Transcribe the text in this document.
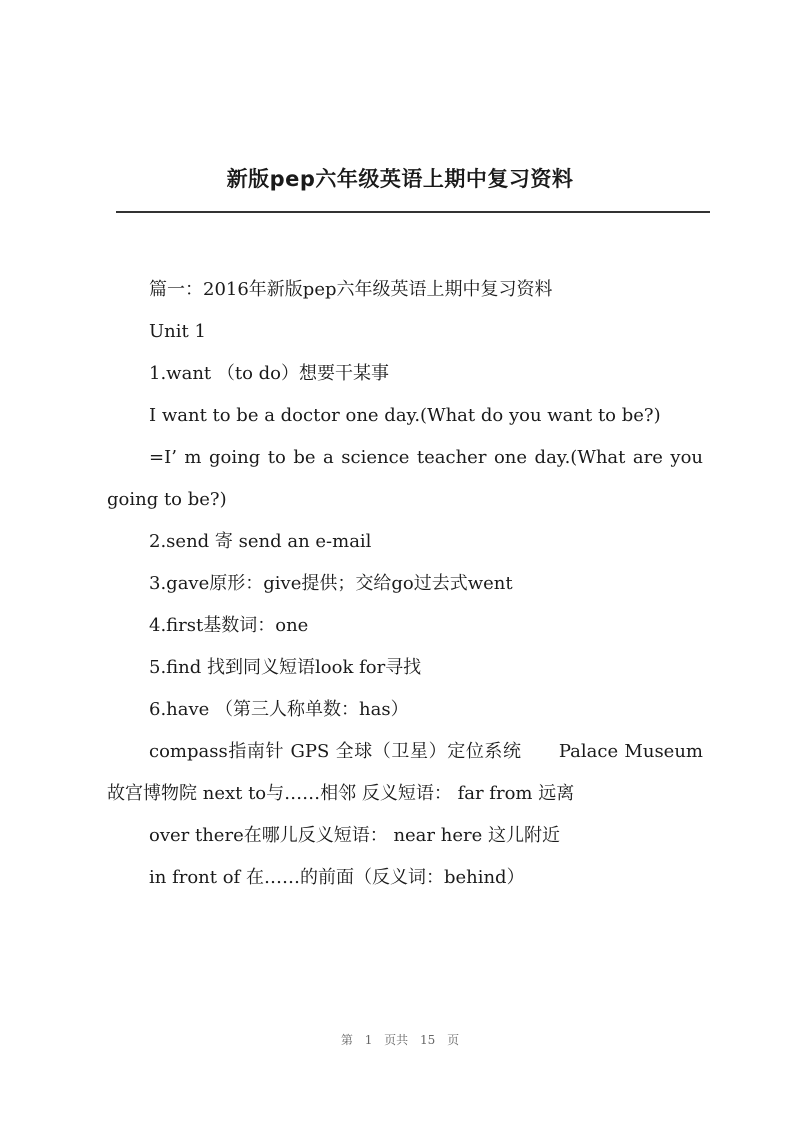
新版pep六年级英语上期中复习资料

篇一：2016年新版pep六年级英语上期中复习资料

Unit 1

1.want （to do）想要干某事

I want to be a doctor one day.(What do you want to be?)

=I’ m going to be a science teacher one day.(What are you going to be?)

2.send 寄 send an e-mail

3.gave原形：give提供；交给go过去式went

4.first基数词：one

5.find 找到同义短语look for寻找

6.have （第三人称单数：has）

compass指南针 GPS 全球（卫星）定位系统　　Palace Museum故宫博物院 next to与……相邻 反义短语： far from 远离

over there在哪儿反义短语： near here 这儿附近

in front of 在……的前面（反义词：behind）

第 1 页共 15 页
